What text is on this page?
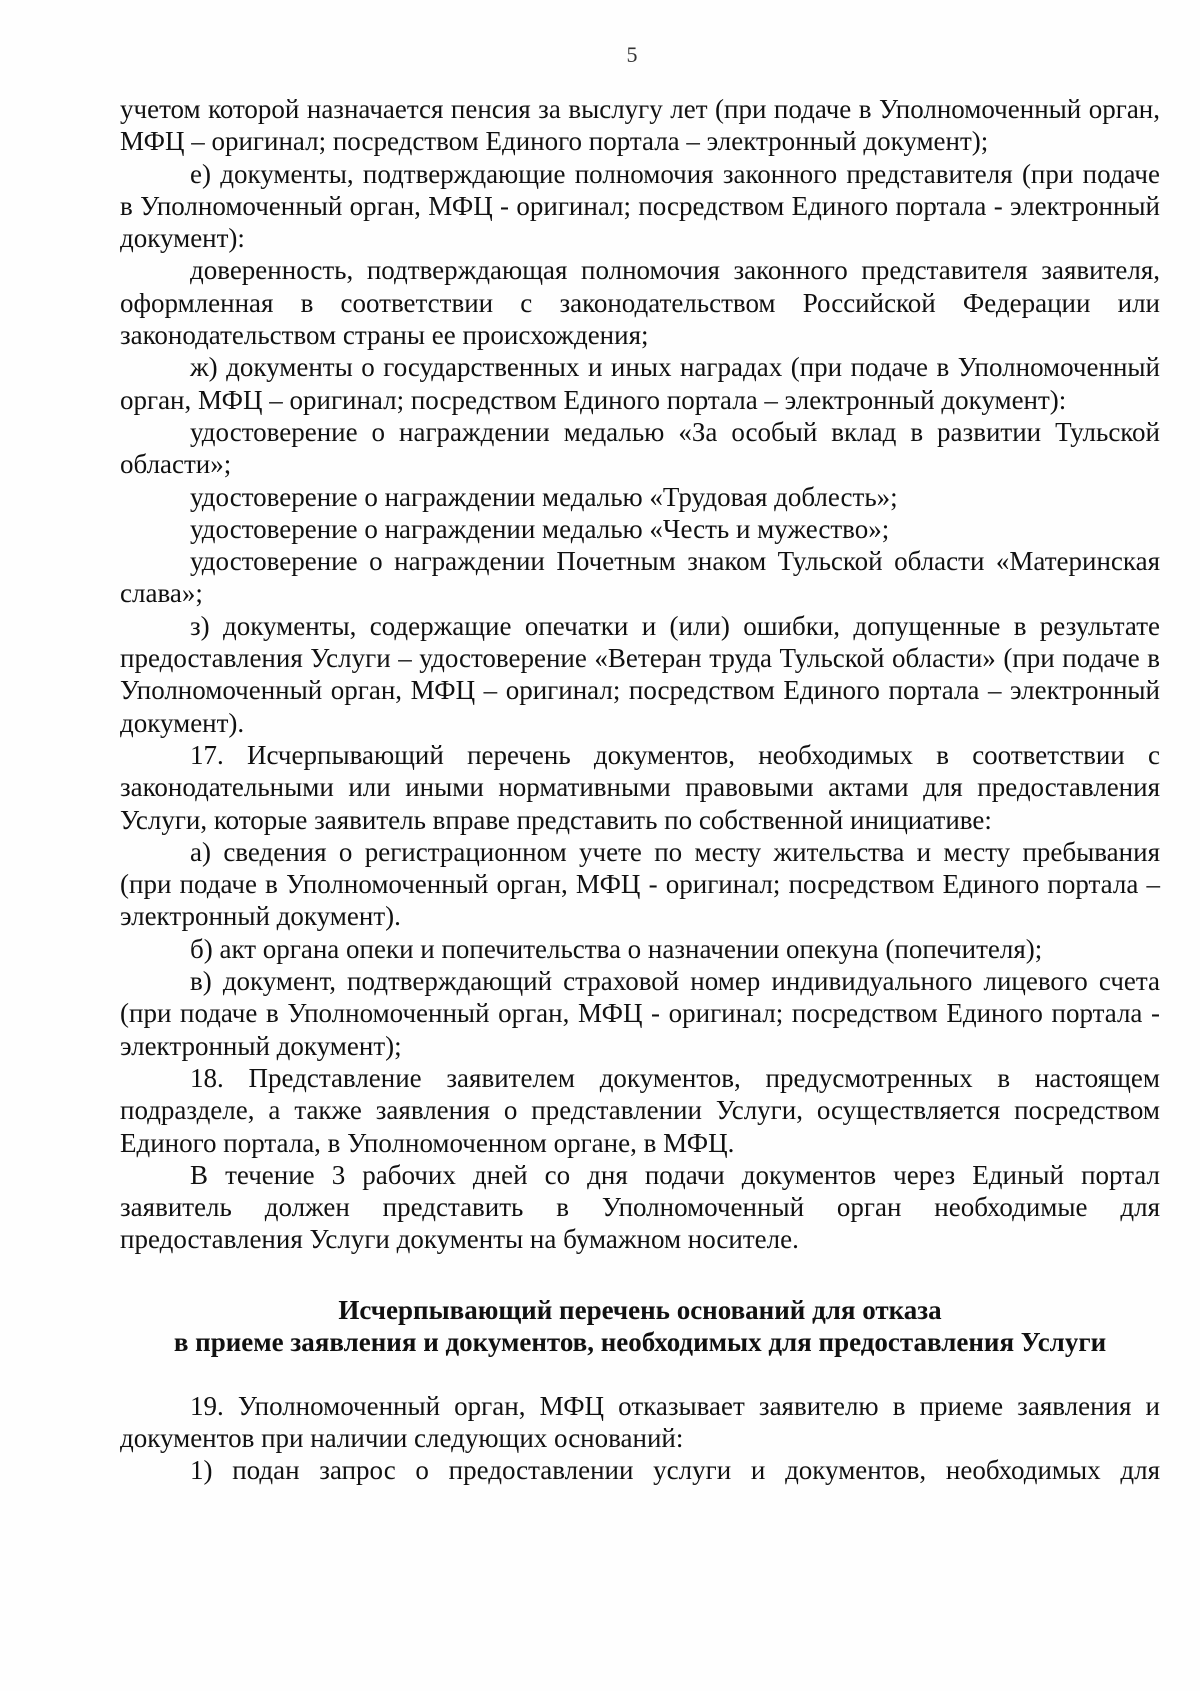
5

учетом которой назначается пенсия за выслугу лет (при подаче в Уполномоченный орган, МФЦ – оригинал; посредством Единого портала – электронный документ);

е) документы, подтверждающие полномочия законного представителя (при подаче в Уполномоченный орган, МФЦ - оригинал; посредством Единого портала - электронный документ):

доверенность, подтверждающая полномочия законного представителя заявителя, оформленная в соответствии с законодательством Российской Федерации или законодательством страны ее происхождения;

ж) документы о государственных и иных наградах (при подаче в Уполномоченный орган, МФЦ – оригинал; посредством Единого портала – электронный документ):

удостоверение о награждении медалью «За особый вклад в развитии Тульской области»;

удостоверение о награждении медалью «Трудовая доблесть»;

удостоверение о награждении медалью «Честь и мужество»;

удостоверение о награждении Почетным знаком Тульской области «Материнская слава»;

з) документы, содержащие опечатки и (или) ошибки, допущенные в результате предоставления Услуги – удостоверение «Ветеран труда Тульской области» (при подаче в Уполномоченный орган, МФЦ – оригинал; посредством Единого портала – электронный документ).

17. Исчерпывающий перечень документов, необходимых в соответствии с законодательными или иными нормативными правовыми актами для предоставления Услуги, которые заявитель вправе представить по собственной инициативе:

а) сведения о регистрационном учете по месту жительства и месту пребывания (при подаче в Уполномоченный орган, МФЦ - оригинал; посредством Единого портала – электронный документ).

б) акт органа опеки и попечительства о назначении опекуна (попечителя);

в) документ, подтверждающий страховой номер индивидуального лицевого счета (при подаче в Уполномоченный орган, МФЦ - оригинал; посредством Единого портала - электронный документ);

18. Представление заявителем документов, предусмотренных в настоящем подразделе, а также заявления о представлении Услуги, осуществляется посредством Единого портала, в Уполномоченном органе, в МФЦ.

В течение 3 рабочих дней со дня подачи документов через Единый портал заявитель должен представить в Уполномоченный орган необходимые для предоставления Услуги документы на бумажном носителе.

Исчерпывающий перечень оснований для отказа
в приеме заявления и документов, необходимых для предоставления Услуги

19. Уполномоченный орган, МФЦ отказывает заявителю в приеме заявления и документов при наличии следующих оснований:

1) подан запрос о предоставлении услуги и документов, необходимых для
